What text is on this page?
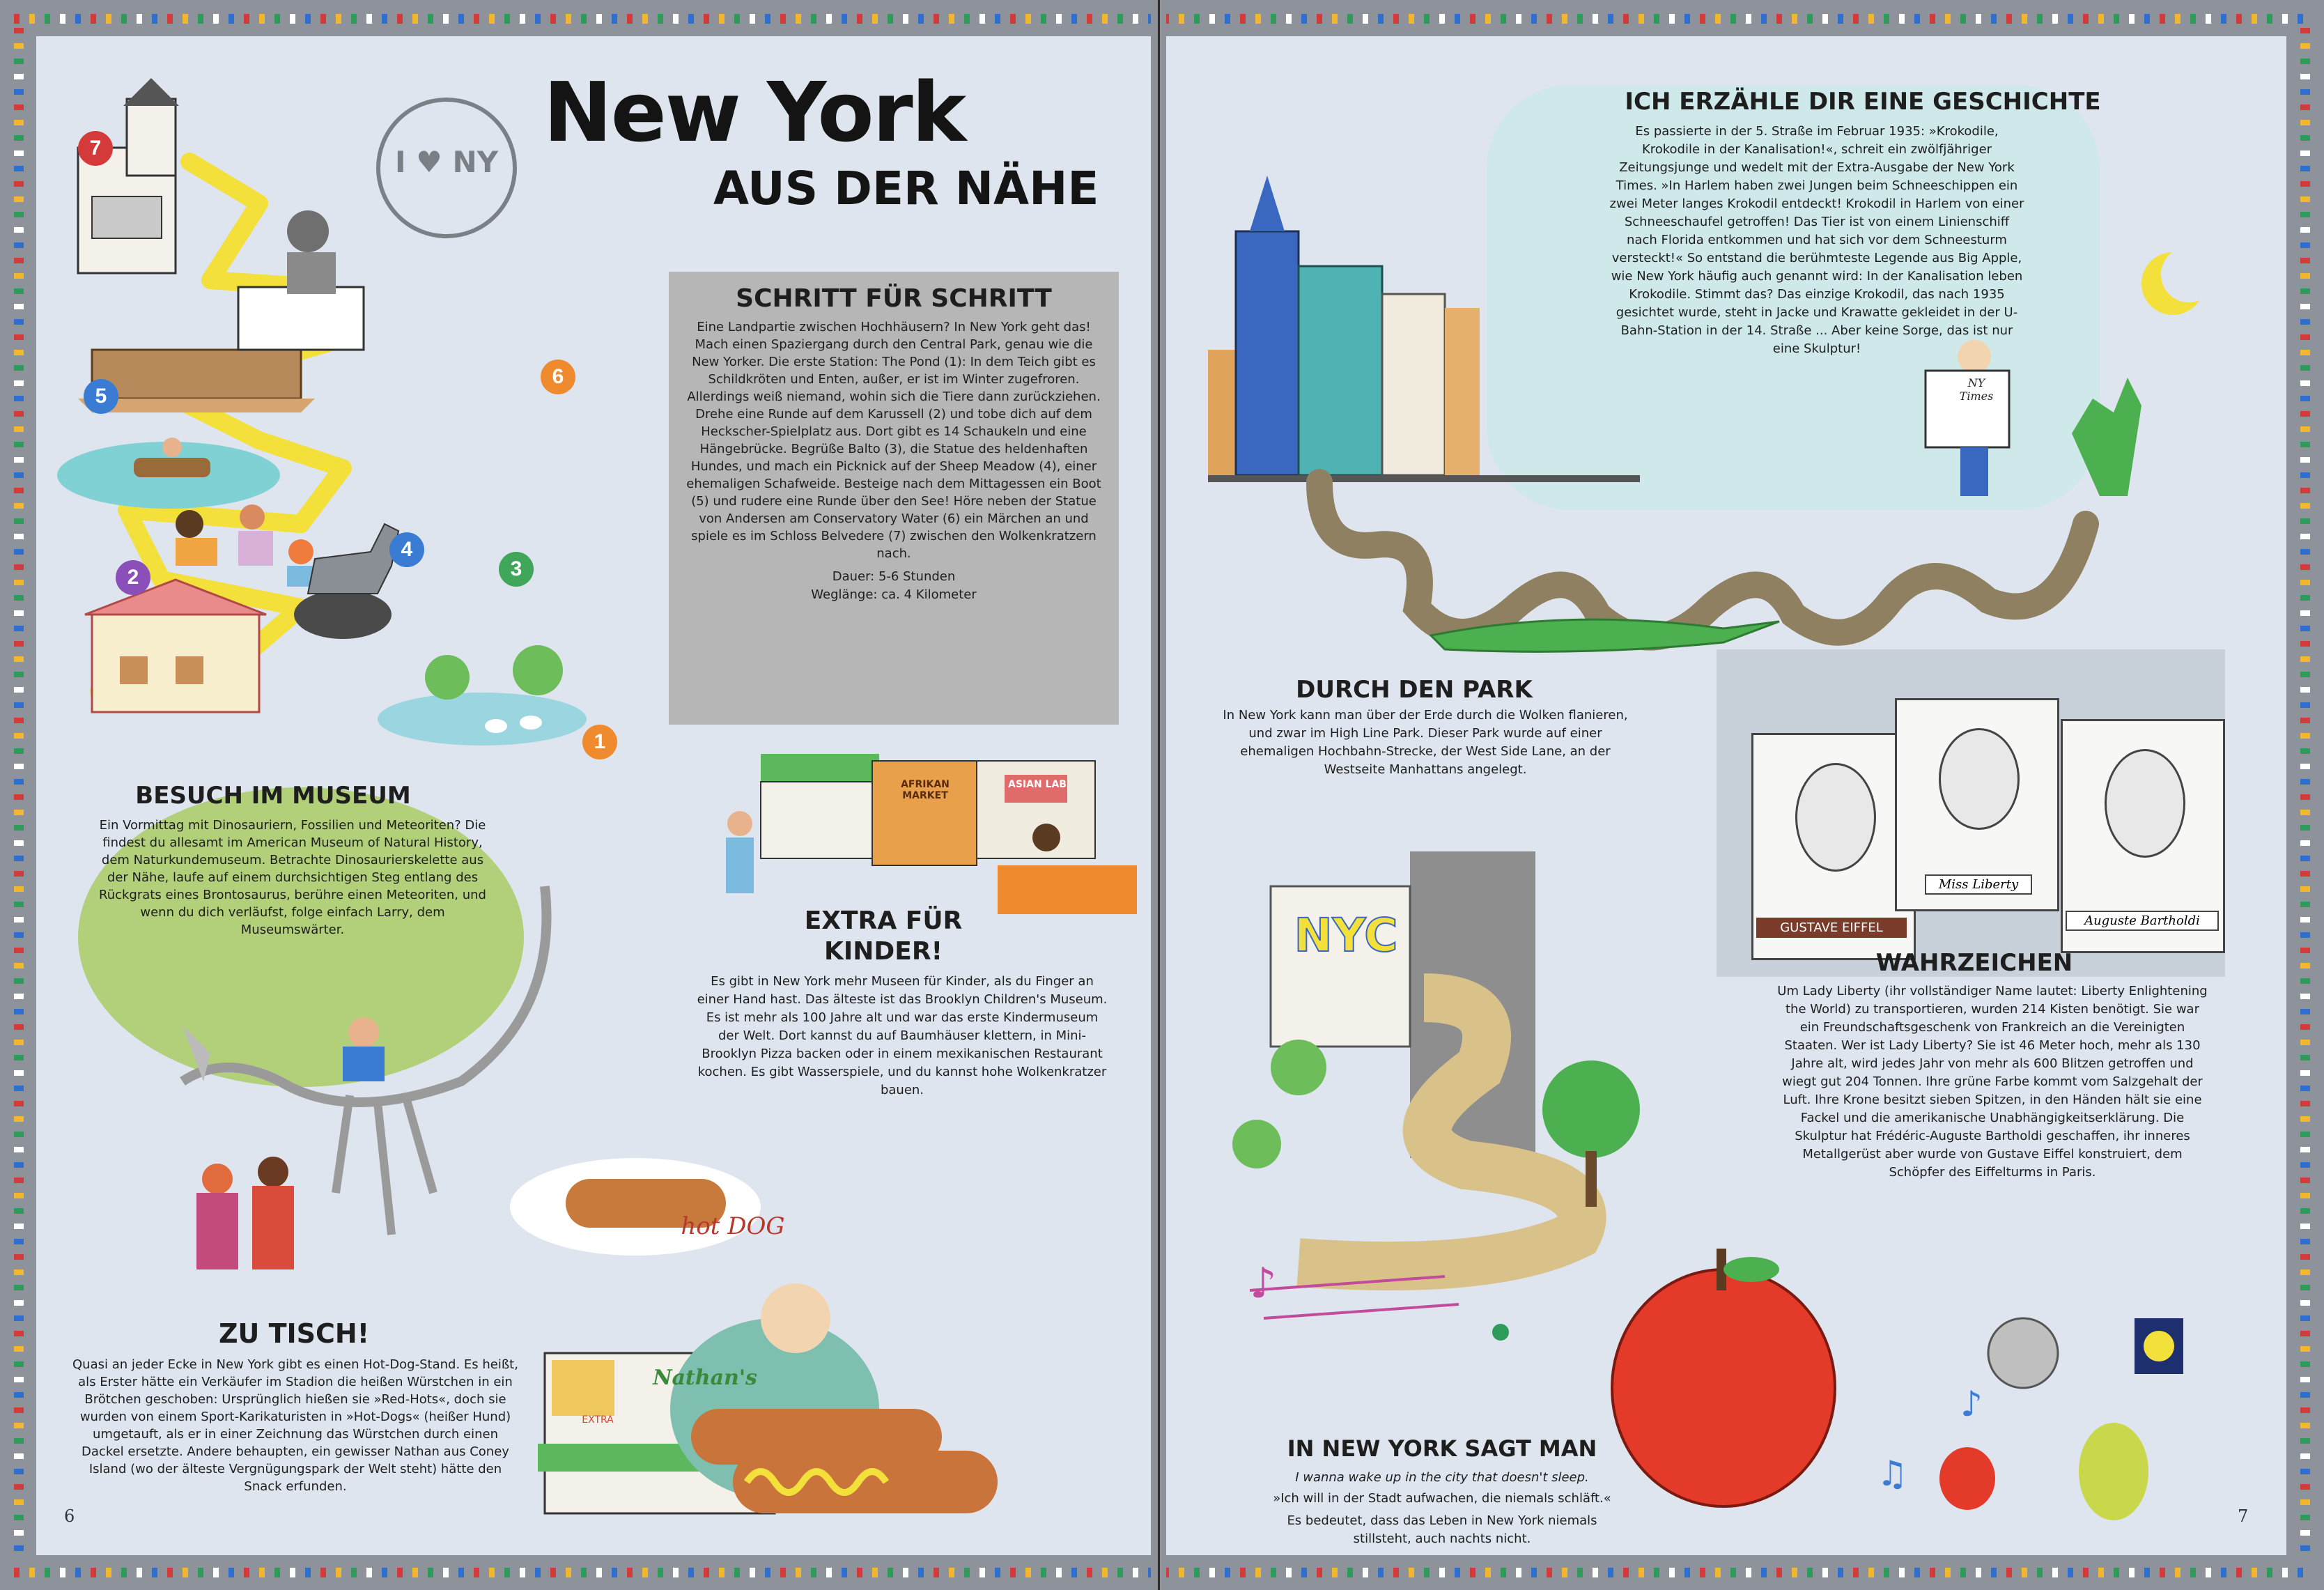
New York
AUS DER NÄHE
I ♥ NY
7
5
6
4
3
2
1
SCHRITT FÜR SCHRITT
Eine Landpartie zwischen Hochhäusern? In New York geht das! Mach einen Spaziergang durch den Central Park, genau wie die New Yorker. Die erste Station: The Pond (1): In dem Teich gibt es Schildkröten und Enten, außer, er ist im Winter zugefroren. Allerdings weiß niemand, wohin sich die Tiere dann zurückziehen. Drehe eine Runde auf dem Karussell (2) und tobe dich auf dem Heckscher-Spielplatz aus. Dort gibt es 14 Schaukeln und eine Hängebrücke. Begrüße Balto (3), die Statue des heldenhaften Hundes, und mach ein Picknick auf der Sheep Meadow (4), einer ehemaligen Schafweide. Besteige nach dem Mittagessen ein Boot (5) und rudere eine Runde über den See! Höre neben der Statue von Andersen am Conservatory Water (6) ein Märchen an und spiele es im Schloss Belvedere (7) zwischen den Wolkenkratzern nach.
Dauer: 5-6 Stunden
Weglänge: ca. 4 Kilometer
BESUCH IM MUSEUM
Ein Vormittag mit Dinosauriern, Fossilien und Meteoriten? Die findest du allesamt im American Museum of Natural History, dem Naturkundemuseum. Betrachte Dinosaurierskelette aus der Nähe, laufe auf einem durchsichtigen Steg entlang des Rückgrats eines Brontosaurus, berühre einen Meteoriten, und wenn du dich verläufst, folge einfach Larry, dem Museumswärter.
AFRIKAN MARKET
ASIAN LAB
EXTRA FÜR KINDER!
Es gibt in New York mehr Museen für Kinder, als du Finger an einer Hand hast. Das älteste ist das Brooklyn Children's Museum. Es ist mehr als 100 Jahre alt und war das erste Kindermuseum der Welt. Dort kannst du auf Baumhäuser klettern, in Mini-Brooklyn Pizza backen oder in einem mexikanischen Restaurant kochen. Es gibt Wasserspiele, und du kannst hohe Wolkenkratzer bauen.
hot DOG
Nathan's
EXTRA
ZU TISCH!
Quasi an jeder Ecke in New York gibt es einen Hot-Dog-Stand. Es heißt, als Erster hätte ein Verkäufer im Stadion die heißen Würstchen in ein Brötchen geschoben: Ursprünglich hießen sie »Red-Hots«, doch sie wurden von einem Sport-Karikaturisten in »Hot-Dogs« (heißer Hund) umgetauft, als er in einer Zeichnung das Würstchen durch einen Dackel ersetzte. Andere behaupten, ein gewisser Nathan aus Coney Island (wo der älteste Vergnügungspark der Welt steht) hätte den Snack erfunden.
6
NY Times
ICH ERZÄHLE DIR EINE GESCHICHTE
Es passierte in der 5. Straße im Februar 1935: »Krokodile, Krokodile in der Kanalisation!«, schreit ein zwölfjähriger Zeitungsjunge und wedelt mit der Extra-Ausgabe der New York Times. »In Harlem haben zwei Jungen beim Schneeschippen ein zwei Meter langes Krokodil entdeckt! Krokodil in Harlem von einer Schneeschaufel getroffen! Das Tier ist von einem Linienschiff nach Florida entkommen und hat sich vor dem Schneesturm versteckt!« So entstand die berühmteste Legende aus Big Apple, wie New York häufig auch genannt wird: In der Kanalisation leben Krokodile. Stimmt das? Das einzige Krokodil, das nach 1935 gesichtet wurde, steht in Jacke und Krawatte gekleidet in der U-Bahn-Station in der 14. Straße ... Aber keine Sorge, das ist nur eine Skulptur!
DURCH DEN PARK
In New York kann man über der Erde durch die Wolken flanieren, und zwar im High Line Park. Dieser Park wurde auf einer ehemaligen Hochbahn-Strecke, der West Side Lane, an der Westseite Manhattans angelegt.
NYC	GUSTAVE EIFFEL
Miss Liberty
Auguste Bartholdi
WAHRZEICHEN
Um Lady Liberty (ihr vollständiger Name lautet: Liberty Enlightening the World) zu transportieren, wurden 214 Kisten benötigt. Sie war ein Freundschaftsgeschenk von Frankreich an die Vereinigten Staaten. Wer ist Lady Liberty? Sie ist 46 Meter hoch, mehr als 130 Jahre alt, wird jedes Jahr von mehr als 600 Blitzen getroffen und wiegt gut 204 Tonnen. Ihre grüne Farbe kommt vom Salzgehalt der Luft. Ihre Krone besitzt sieben Spitzen, in den Händen hält sie eine Fackel und die amerikanische Unabhängigkeitserklärung. Die Skulptur hat Frédéric-Auguste Bartholdi geschaffen, ihr inneres Metallgerüst aber wurde von Gustave Eiffel konstruiert, dem Schöpfer des Eiffelturms in Paris.
♪
♫
♪
IN NEW YORK SAGT MAN
I wanna wake up in the city that doesn't sleep.
»Ich will in der Stadt aufwachen, die niemals schläft.«
Es bedeutet, dass das Leben in New York niemals stillsteht, auch nachts nicht.
7
